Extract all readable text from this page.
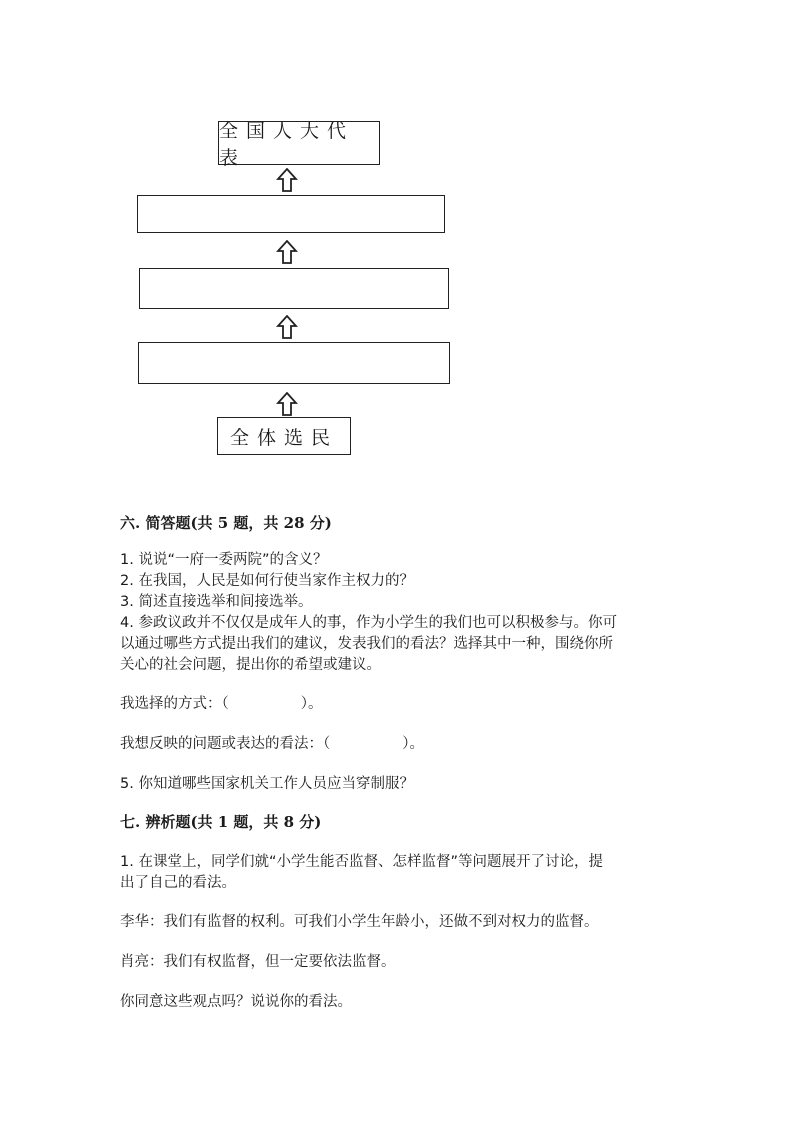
全国人大代表
全体选民
六. 简答题(共 5 题，共 28 分)
1. 说说“一府一委两院”的含义？
2. 在我国，人民是如何行使当家作主权力的？
3. 简述直接选举和间接选举。
4. 参政议政并不仅仅是成年人的事，作为小学生的我们也可以积极参与。你可
以通过哪些方式提出我们的建议，发表我们的看法？选择其中一种，围绕你所
关心的社会问题，提出你的希望或建议。
我选择的方式：（	）。
我想反映的问题或表达的看法：（	）。
5. 你知道哪些国家机关工作人员应当穿制服？
七. 辨析题(共 1 题，共 8 分)
1. 在课堂上，同学们就“小学生能否监督、怎样监督”等问题展开了讨论，提
出了自己的看法。
李华：我们有监督的权利。可我们小学生年龄小，还做不到对权力的监督。
肖亮：我们有权监督，但一定要依法监督。
你同意这些观点吗？说说你的看法。
